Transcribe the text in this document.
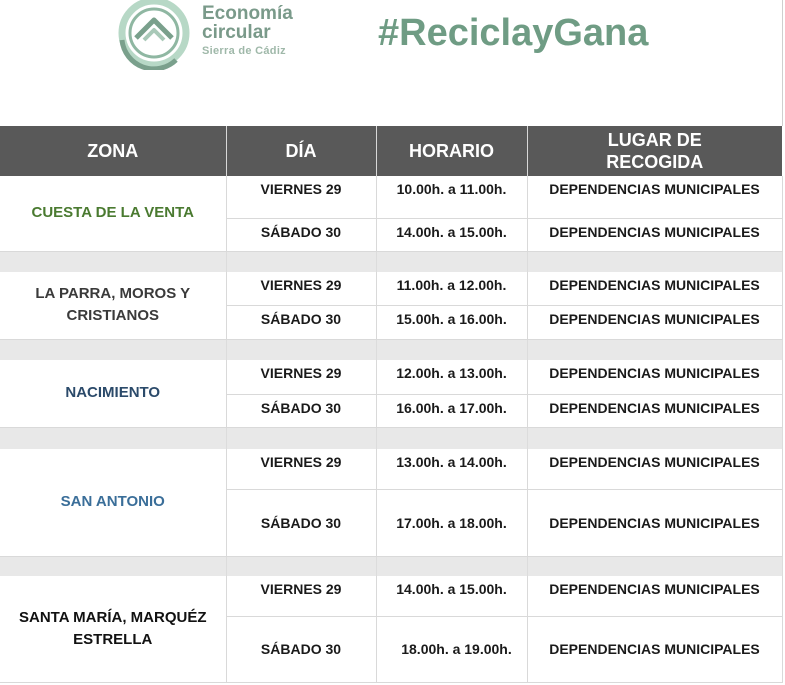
Economía
circular
Sierra de Cádiz #ReciclayGana
ZONA	DÍA	HORARIO	LUGAR DE
RECOGIDA

CUESTA DE LA VENTA	VIERNES 29	10.00h. a 11.00h.	DEPENDENCIAS MUNICIPALES
	SÁBADO 30	14.00h. a 15.00h.	DEPENDENCIAS MUNICIPALES

LA PARRA, MOROS Y
CRISTIANOS	VIERNES 29	11.00h. a 12.00h.	DEPENDENCIAS MUNICIPALES
	SÁBADO 30	15.00h. a 16.00h.	DEPENDENCIAS MUNICIPALES

NACIMIENTO	VIERNES 29	12.00h. a 13.00h.	DEPENDENCIAS MUNICIPALES
	SÁBADO 30	16.00h. a 17.00h.	DEPENDENCIAS MUNICIPALES

SAN ANTONIO	VIERNES 29	13.00h. a 14.00h.	DEPENDENCIAS MUNICIPALES
	SÁBADO 30	17.00h. a 18.00h.	DEPENDENCIAS MUNICIPALES

SANTA MARÍA, MARQUÉZ
ESTRELLA	VIERNES 29	14.00h. a 15.00h.	DEPENDENCIAS MUNICIPALES
	SÁBADO 30	18.00h. a 19.00h.	DEPENDENCIAS MUNICIPALES
